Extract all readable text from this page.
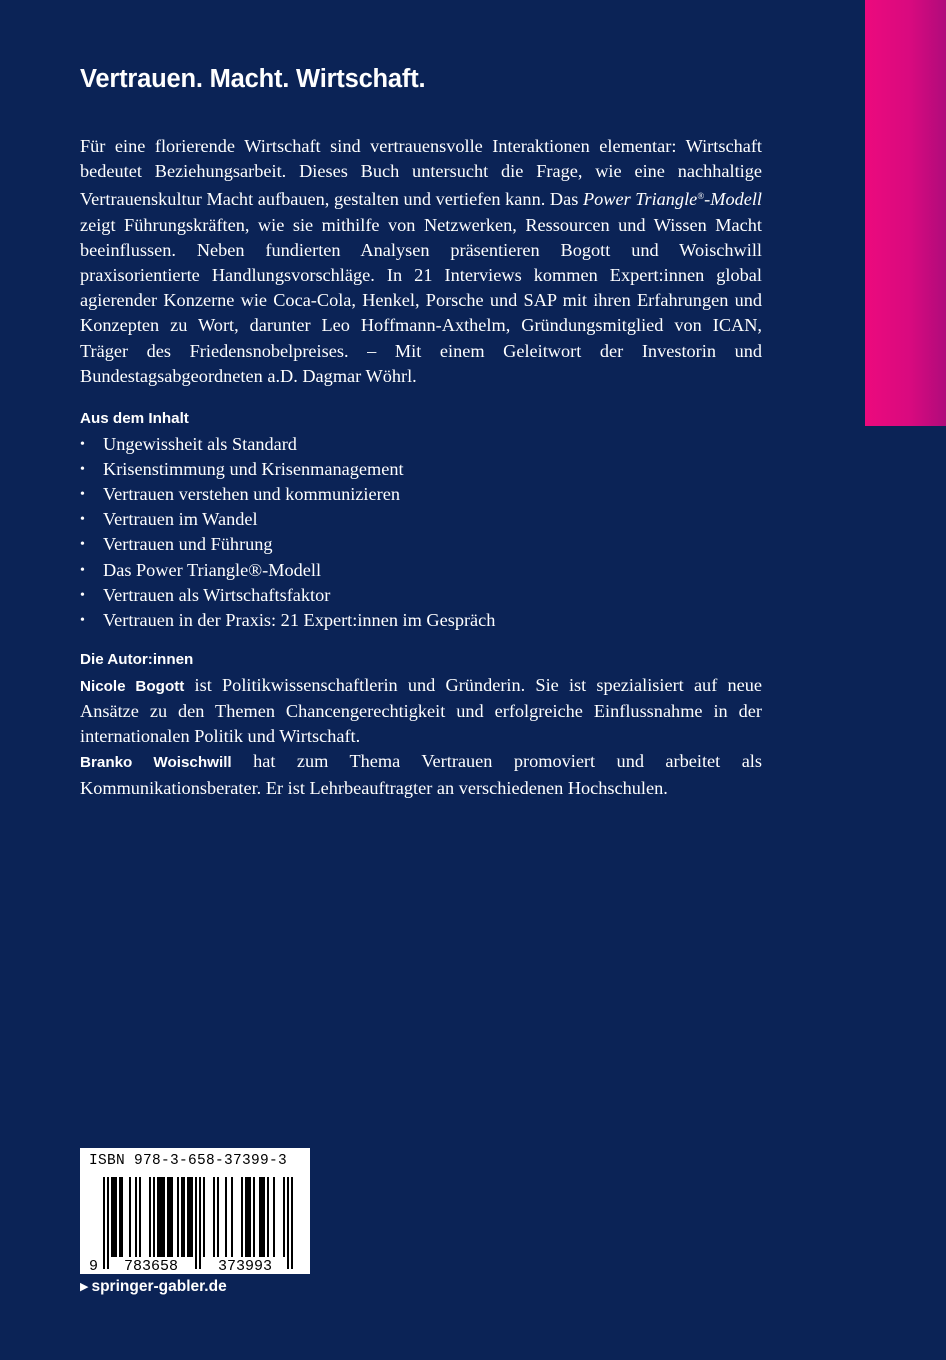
Vertrauen. Macht. Wirtschaft.

Für eine florierende Wirtschaft sind vertrauensvolle Interaktionen elementar: Wirtschaft bedeutet Beziehungsarbeit. Dieses Buch untersucht die Frage, wie eine nachhaltige Vertrauenskultur Macht aufbauen, gestalten und vertiefen kann. Das Power Triangle®-Modell zeigt Führungskräften, wie sie mithilfe von Netzwerken, Ressourcen und Wissen Macht beeinflussen. Neben fundierten Analysen präsentieren Bogott und Woischwill praxisorientierte Handlungsvorschläge. In 21 Interviews kommen Expert:innen global agierender Konzerne wie Coca-Cola, Henkel, Porsche und SAP mit ihren Erfahrungen und Konzepten zu Wort, darunter Leo Hoffmann-Axthelm, Gründungsmitglied von ICAN, Träger des Friedensnobelpreises. – Mit einem Geleitwort der Investorin und Bundestagsabgeordneten a.D. Dagmar Wöhrl.

Aus dem Inhalt
• Ungewissheit als Standard
• Krisenstimmung und Krisenmanagement
• Vertrauen verstehen und kommunizieren
• Vertrauen im Wandel
• Vertrauen und Führung
• Das Power Triangle®-Modell
• Vertrauen als Wirtschaftsfaktor
• Vertrauen in der Praxis: 21 Expert:innen im Gespräch
Die Autor:innen

Nicole Bogott ist Politikwissenschaftlerin und Gründerin. Sie ist spezialisiert auf neue Ansätze zu den Themen Chancengerechtigkeit und erfolgreiche Einflussnahme in der internationalen Politik und Wirtschaft.

Branko Woischwill hat zum Thema Vertrauen promoviert und arbeitet als Kommunikationsberater. Er ist Lehrbeauftragter an verschiedenen Hochschulen.

ISBN 978-3-658-37399-3
9 783658	373993
▶ springer-gabler.de
